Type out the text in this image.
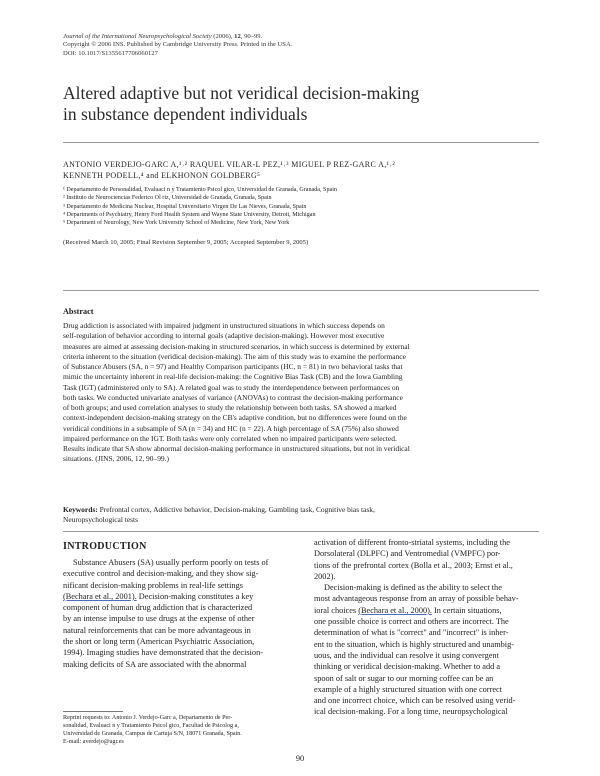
Journal of the International Neuropsychological Society (2006), 12, 90–99.
Copyright © 2006 INS. Published by Cambridge University Press. Printed in the USA.
DOI: 10.1017/S1355617706060127
Altered adaptive but not veridical decision-making
in substance dependent individuals
ANTONIO VERDEJO-GARC A,¹˒² RAQUEL VILAR-L PEZ,¹˒³ MIGUEL P REZ-GARC A,¹˒²
KENNETH PODELL,⁴ and ELKHONON GOLDBERG⁵
¹ Departamento de Personalidad, Evaluaci n y Tratamiento Psicol gico, Universidad de Granada, Granada, Spain
² Instituto de Neurociencias Federico Ol riz, Universidad de Granada, Granada, Spain
³ Departamento de Medicina Nuclear, Hospital Universitario Virgen De Las Nieves, Granada, Spain
⁴ Departments of Psychiatry, Henry Ford Health System and Wayne State University, Detroit, Michigan
⁵ Department of Neurology, New York University School of Medicine, New York, New York
(Received March 10, 2005; Final Revision September 9, 2005; Accepted September 9, 2005)
Abstract
Drug addiction is associated with impaired judgment in unstructured situations in which success depends on
self-regulation of behavior according to internal goals (adaptive decision-making). However most executive
measures are aimed at assessing decision-making in structured scenarios, in which success is determined by external
criteria inherent to the situation (veridical decision-making). The aim of this study was to examine the performance
of Substance Abusers (SA, n = 97) and Healthy Comparison participants (HC, n = 81) in two behavioral tasks that
mimic the uncertainty inherent in real-life decision-making: the Cognitive Bias Task (CB) and the Iowa Gambling
Task (IGT) (administered only to SA). A related goal was to study the interdependence between performances on
both tasks. We conducted univariate analyses of variance (ANOVAs) to contrast the decision-making performance
of both groups; and used correlation analyses to study the relationship between both tasks. SA showed a marked
context-independent decision-making strategy on the CB's adaptive condition, but no differences were found on the
veridical conditions in a subsample of SA (n = 34) and HC (n = 22). A high percentage of SA (75%) also showed
impaired performance on the IGT. Both tasks were only correlated when no impaired participants were selected.
Results indicate that SA show abnormal decision-making performance in unstructured situations, but not in veridical
situations. (JINS, 2006, 12, 90–99.)
Keywords: Prefrontal cortex, Addictive behavior, Decision-making, Gambling task, Cognitive bias task,
Neuropsychological tests
INTRODUCTION
Substance Abusers (SA) usually perform poorly on tests of
executive control and decision-making, and they show sig-
nificant decision-making problems in real-life settings
(Bechara et al., 2001). Decision-making constitutes a key
component of human drug addiction that is characterized
by an intense impulse to use drugs at the expense of other
natural reinforcements that can be more advantageous in
the short or long term (American Psychiatric Association,
1994). Imaging studies have demonstrated that the decision-
making deficits of SA are associated with the abnormal
activation of different fronto-striatal systems, including the
Dorsolateral (DLPFC) and Ventromedial (VMPFC) por-
tions of the prefrontal cortex (Bolla et al., 2003; Ernst et al.,
2002).
Decision-making is defined as the ability to select the
most advantageous response from an array of possible behav-
ioral choices (Bechara et al., 2000). In certain situations,
one possible choice is correct and others are incorrect. The
determination of what is "correct" and "incorrect" is inher-
ent to the situation, which is highly structured and unambig-
uous, and the individual can resolve it using convergent
thinking or veridical decision-making. Whether to add a
spoon of salt or sugar to our morning coffee can be an
example of a highly structured situation with one correct
and one incorrect choice, which can be resolved using verid-
ical decision-making. For a long time, neuropsychological
Reprint requests to: Antonio J. Verdejo-Garc a, Departamento de Per-
sonalidad, Evaluaci n y Tratamiento Psicol gico, Facultad de Psicolog a,
Universidad de Granada, Campus de Cartuja S/N, 18071 Granada, Spain.
E-mail: averdejo@ugr.es
90
